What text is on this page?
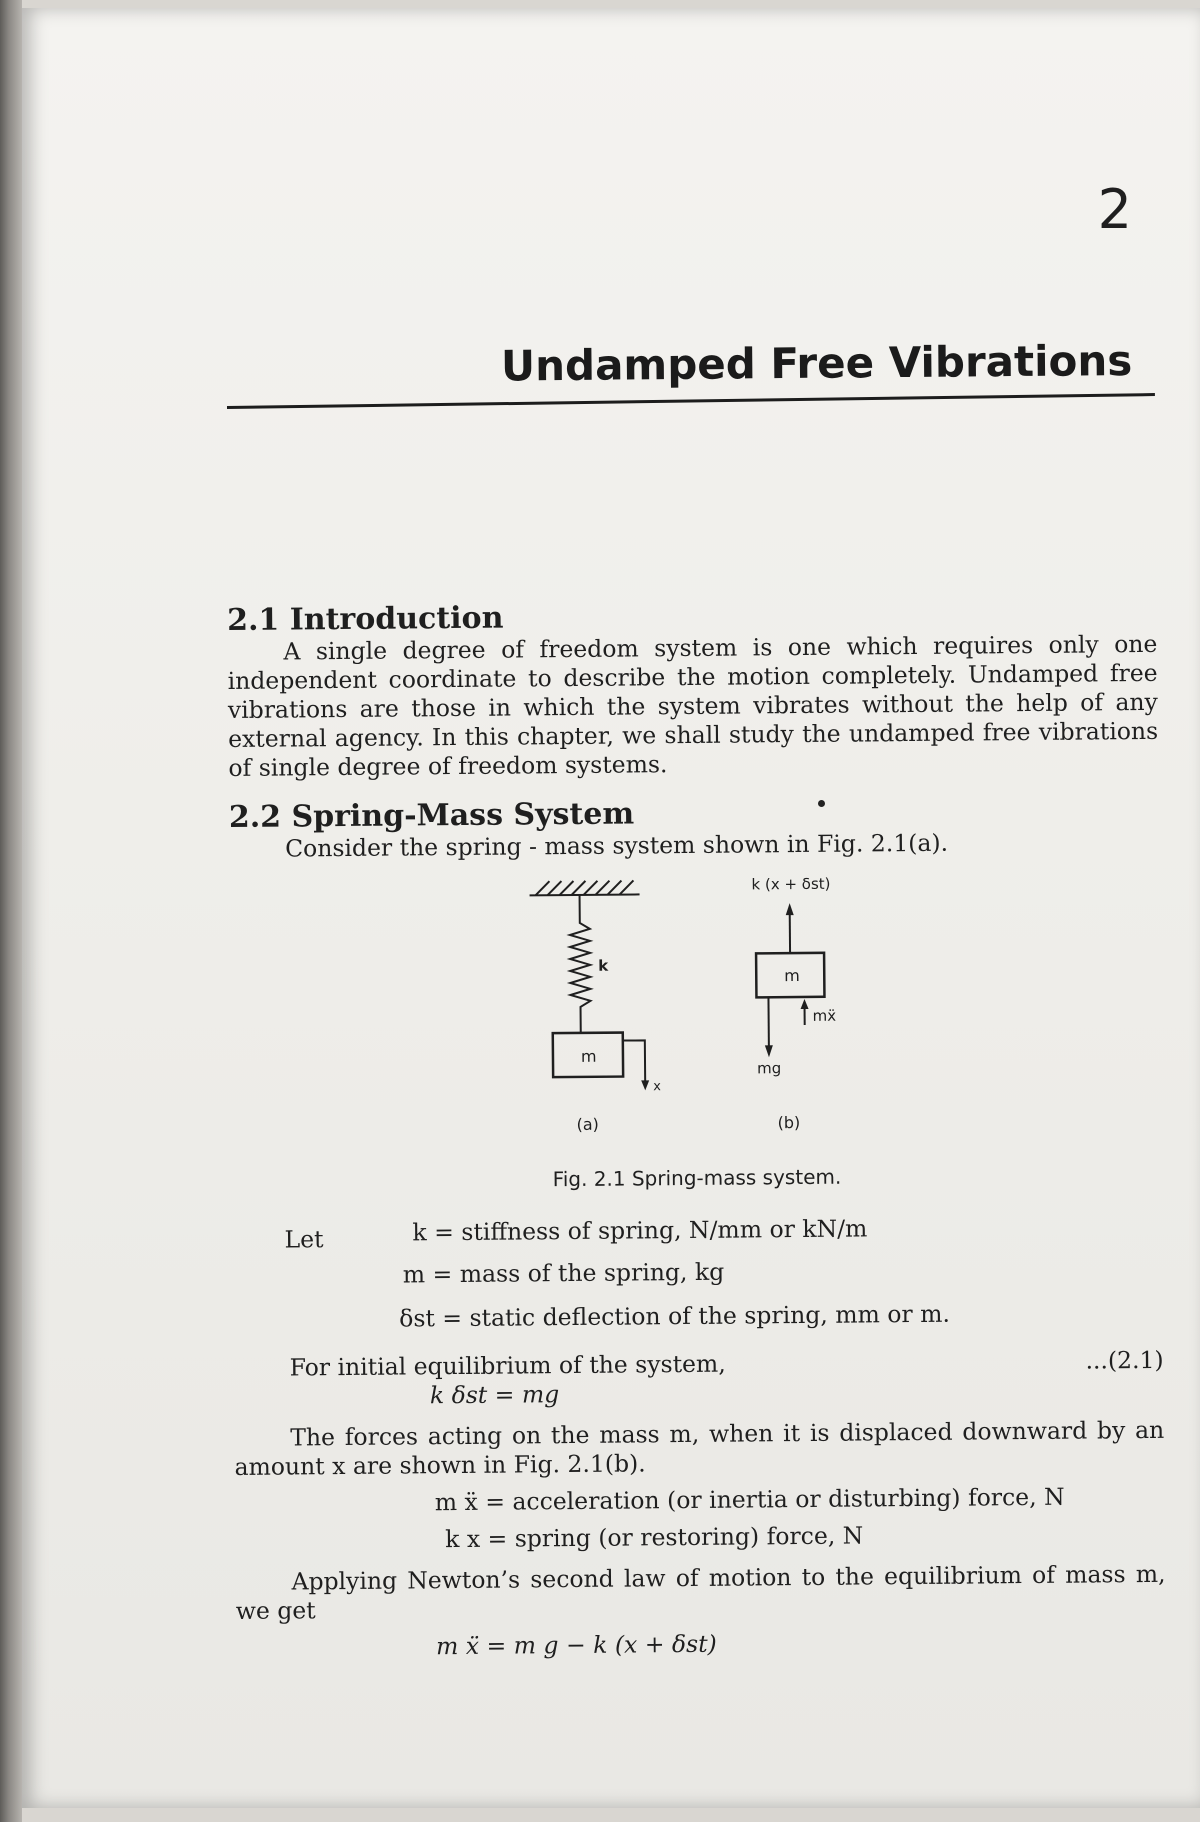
2
Undamped Free Vibrations
2.1 Introduction

A single degree of freedom system is one which requires only one independent coordinate to describe the motion completely. Undamped free vibrations are those in which the system vibrates without the help of any external agency. In this chapter, we shall study the undamped free vibrations of single degree of freedom systems.

2.2 Spring-Mass System

Consider the spring - mass system shown in Fig. 2.1(a).

m
k
x
(a)
k (x + δst)
m
mẍ
mg
(b)
Fig. 2.1 Spring-mass system.
Let	k = stiffness of spring, N/mm or kN/m
m = mass of the spring, kg
δst = static deflection of the spring, mm or m.

For initial equilibrium of the system,	...(2.1)

k δst = mg

The forces acting on the mass m, when it is displaced downward by an amount x are shown in Fig. 2.1(b).

m ẍ = acceleration (or inertia or disturbing) force, N
k x = spring (or restoring) force, N

Applying Newton’s second law of motion to the equilibrium of mass m, we get

m ẍ = m g − k (x + δst)
